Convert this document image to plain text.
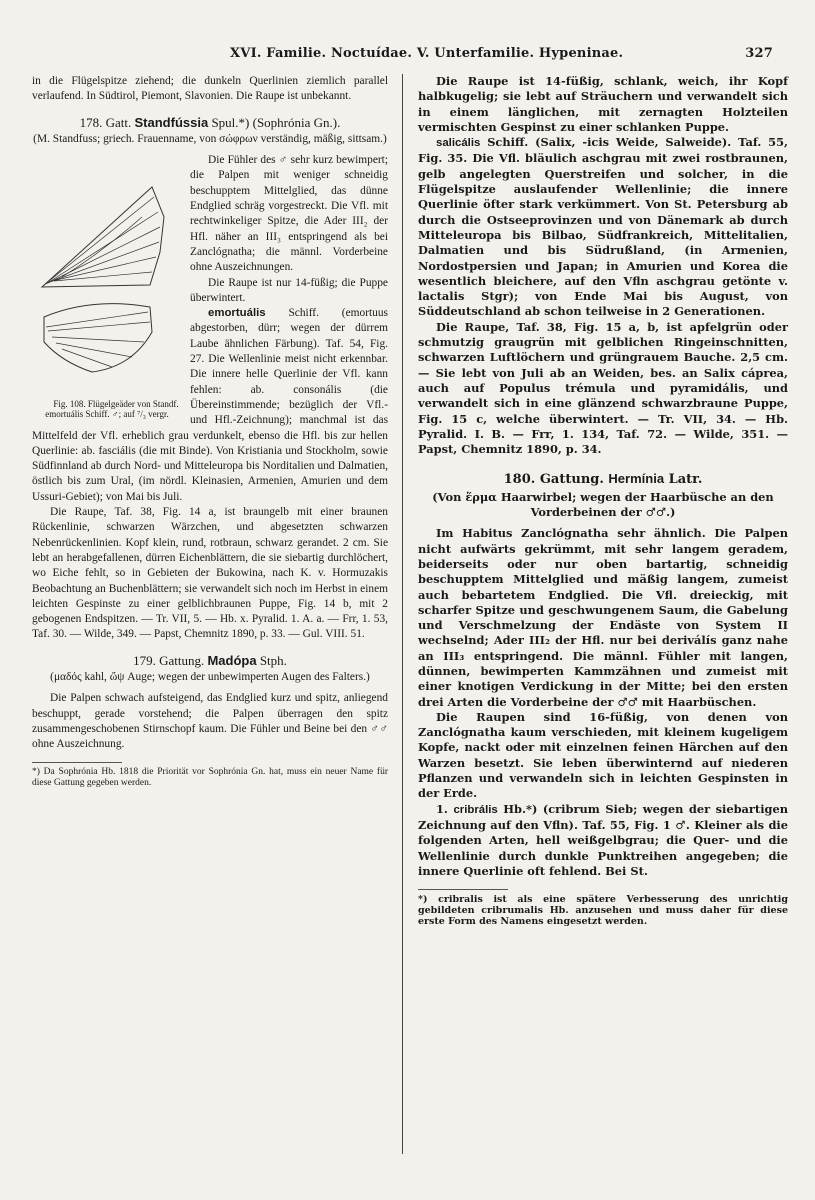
XVI. Familie. Noctuídae. V. Unterfamilie. Hypeninae.	327

in die Flügelspitze ziehend; die dunkeln Querlinien ziemlich parallel verlaufend. In Südtirol, Piemont, Slavonien. Die Raupe ist unbekannt.

178. Gatt. Standfússia Spul.*) (Sophrónia Gn.).

(M. Standfuss; griech. Frauenname, von σώφρων verständig, mäßig, sittsam.)

Fig. 108. Flügelgeäder von Standf. emortuális Schiff. ♂; auf ⁷/₃ vergr.
Die Fühler des ♂ sehr kurz bewimpert; die Palpen mit weniger schneidig beschupptem Mittelglied, das dünne Endglied schräg vorgestreckt. Die Vfl. mit rechtwinkeliger Spitze, die Ader III₂ der Hfl. näher an III₃ entspringend als bei Zanclógnatha; die männl. Vorderbeine ohne Auszeichnungen.

Die Raupe ist nur 14-füßig; die Puppe überwintert.

emortuális Schiff. (emortuus abgestorben, dürr; wegen der dürrem Laube ähnlichen Färbung). Taf. 54, Fig. 27. Die Wellenlinie meist nicht erkennbar. Die innere helle Querlinie der Vfl. kann fehlen: ab. consonális (die Übereinstimmende; bezüglich der Vfl.- und Hfl.-Zeichnung); manchmal ist das Mittelfeld der Vfl. erheblich grau verdunkelt, ebenso die Hfl. bis zur hellen Querlinie: ab. fasciális (die mit Binde). Von Kristiania und Stockholm, sowie Südfinnland ab durch Nord- und Mitteleuropa bis Norditalien und Dalmatien, östlich bis zum Ural, (im nördl. Kleinasien, Armenien, Amurien und dem Ussuri-Gebiet); von Mai bis Juli.

Die Raupe, Taf. 38, Fig. 14 a, ist braungelb mit einer braunen Rückenlinie, schwarzen Wärzchen, und abgesetzten schwarzen Nebenrückenlinien. Kopf klein, rund, rotbraun, schwarz gerandet. 2 cm. Sie lebt an herabgefallenen, dürren Eichenblättern, die sie siebartig durchlöchert, wo Eiche fehlt, so in Gebieten der Bukowina, nach K. v. Hormuzakis Beobachtung an Buchenblättern; sie verwandelt sich noch im Herbst in einem leichten Gespinste zu einer gelblichbraunen Puppe, Fig. 14 b, mit 2 gebogenen Endspitzen. — Tr. VII, 5. — Hb. x. Pyralid. 1. A. a. — Frr, 1. 53, Taf. 30. — Wilde, 349. — Papst, Chemnitz 1890, p. 33. — Gul. VIII. 51.

179. Gattung. Madópa Stph.

(μαδός kahl, ὤψ Auge; wegen der unbewimperten Augen des Falters.)

Die Palpen schwach aufsteigend, das Endglied kurz und spitz, anliegend beschuppt, gerade vorstehend; die Palpen überragen den spitz zusammengeschobenen Stirnschopf kaum. Die Fühler und Beine bei den ♂♂ ohne Auszeichnung.

*) Da Sophrónia Hb. 1818 die Priorität vor Sophrónia Gn. hat, muss ein neuer Name für diese Gattung gegeben werden.

Die Raupe ist 14-füßig, schlank, weich, ihr Kopf halbkugelig; sie lebt auf Sträuchern und verwandelt sich in einem länglichen, mit zernagten Holzteilen vermischten Gespinst zu einer schlanken Puppe.

salicális Schiff. (Salix, -icis Weide, Salweide). Taf. 55, Fig. 35. Die Vfl. bläulich aschgrau mit zwei rostbraunen, gelb angelegten Querstreifen und solcher, in die Flügelspitze auslaufender Wellenlinie; die innere Querlinie öfter stark verkümmert. Von St. Petersburg ab durch die Ostseeprovinzen und von Dänemark ab durch Mitteleuropa bis Bilbao, Südfrankreich, Mittelitalien, Dalmatien und bis Südrußland, (in Armenien, Nordostpersien und Japan; in Amurien und Korea die wesentlich bleichere, auf den Vfln aschgrau getönte v. lactalis Stgr); von Ende Mai bis August, von Süddeutschland ab schon teilweise in 2 Generationen.

Die Raupe, Taf. 38, Fig. 15 a, b, ist apfelgrün oder schmutzig graugrün mit gelblichen Ringeinschnitten, schwarzen Luftlöchern und grüngrauem Bauche. 2,5 cm. — Sie lebt von Juli ab an Weiden, bes. an Salix cáprea, auch auf Populus trémula und pyramidális, und verwandelt sich in eine glänzend schwarzbraune Puppe, Fig. 15 c, welche überwintert. — Tr. VII, 34. — Hb. Pyralid. I. B. — Frr, 1. 134, Taf. 72. — Wilde, 351. — Papst, Chemnitz 1890, p. 34.

180. Gattung. Hermínia Latr.

(Von ἕρμα Haarwirbel; wegen der Haarbüsche an den Vorderbeinen der ♂♂.)

Im Habitus Zanclógnatha sehr ähnlich. Die Palpen nicht aufwärts gekrümmt, mit sehr langem geradem, beiderseits oder nur oben bartartig, schneidig beschupptem Mittelglied und mäßig langem, zumeist auch bebartetem Endglied. Die Vfl. dreieckig, mit scharfer Spitze und geschwungenem Saum, die Gabelung und Verschmelzung der Endäste von System II wechselnd; Ader III₂ der Hfl. nur bei deriválís ganz nahe an III₃ entspringend. Die männl. Fühler mit langen, dünnen, bewimperten Kammzähnen und zumeist mit einer knotigen Verdickung in der Mitte; bei den ersten drei Arten die Vorderbeine der ♂♂ mit Haarbüschen.

Die Raupen sind 16-füßig, von denen von Zanclógnatha kaum verschieden, mit kleinem kugeligem Kopfe, nackt oder mit einzelnen feinen Härchen auf den Warzen besetzt. Sie leben überwinternd auf niederen Pflanzen und verwandeln sich in leichten Gespinsten in der Erde.

1. cribrális Hb.*) (cribrum Sieb; wegen der siebartigen Zeichnung auf den Vfln). Taf. 55, Fig. 1 ♂. Kleiner als die folgenden Arten, hell weißgelbgrau; die Quer- und die Wellenlinie durch dunkle Punktreihen angegeben; die innere Querlinie oft fehlend. Bei St.

*) cribralis ist als eine spätere Verbesserung des unrichtig gebildeten cribrumalis Hb. anzusehen und muss daher für diese erste Form des Namens eingesetzt werden.
